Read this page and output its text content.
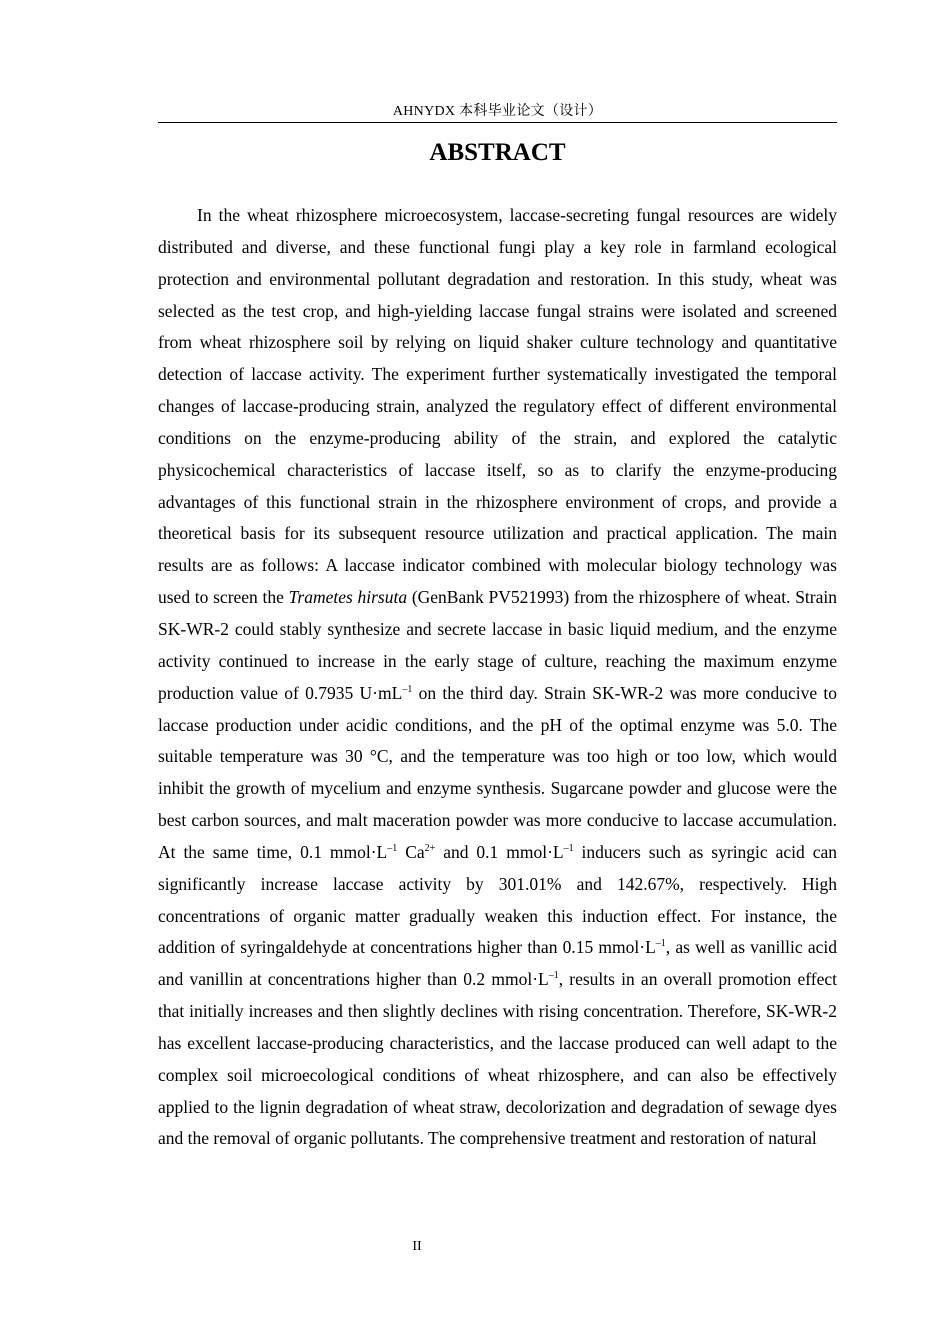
AHNYDX 本科毕业论文（设计）
ABSTRACT

In the wheat rhizosphere microecosystem, laccase-secreting fungal resources are widely distributed and diverse, and these functional fungi play a key role in farmland ecological protection and environmental pollutant degradation and restoration. In this study, wheat was selected as the test crop, and high-yielding laccase fungal strains were isolated and screened from wheat rhizosphere soil by relying on liquid shaker culture technology and quantitative detection of laccase activity. The experiment further systematically investigated the temporal changes of laccase-producing strain, analyzed the regulatory effect of different environmental conditions on the enzyme-producing ability of the strain, and explored the catalytic physicochemical characteristics of laccase itself, so as to clarify the enzyme-producing advantages of this functional strain in the rhizosphere environment of crops, and provide a theoretical basis for its subsequent resource utilization and practical application. The main results are as follows: A laccase indicator combined with molecular biology technology was used to screen the Trametes hirsuta (GenBank PV521993) from the rhizosphere of wheat. Strain SK-WR-2 could stably synthesize and secrete laccase in basic liquid medium, and the enzyme activity continued to increase in the early stage of culture, reaching the maximum enzyme production value of 0.7935 $U\cdot mL^{-1}$ on the third day. Strain SK-WR-2 was more conducive to laccase production under acidic conditions, and the pH of the optimal enzyme was 5.0. The suitable temperature was 30 °C, and the temperature was too high or too low, which would inhibit the growth of mycelium and enzyme synthesis. Sugarcane powder and glucose were the best carbon sources, and malt maceration powder was more conducive to laccase accumulation. At the same time, 0.1 $mmol\cdot L^{-1}$ $Ca^{2+}$ and 0.1 $mmol\cdot L^{-1}$ inducers such as syringic acid can significantly increase laccase activity by 301.01% and 142.67%, respectively. High concentrations of organic matter gradually weaken this induction effect. For instance, the addition of syringaldehyde at concentrations higher than 0.15 $mmol\cdot L^{-1}$, as well as vanillic acid and vanillin at concentrations higher than 0.2 $mmol\cdot L^{-1}$, results in an overall promotion effect that initially increases and then slightly declines with rising concentration. Therefore, SK-WR-2 has excellent laccase-producing characteristics, and the laccase produced can well adapt to the complex soil microecological conditions of wheat rhizosphere, and can also be effectively applied to the lignin degradation of wheat straw, decolorization and degradation of sewage dyes and the removal of organic pollutants. The comprehensive treatment and restoration of natural

II
